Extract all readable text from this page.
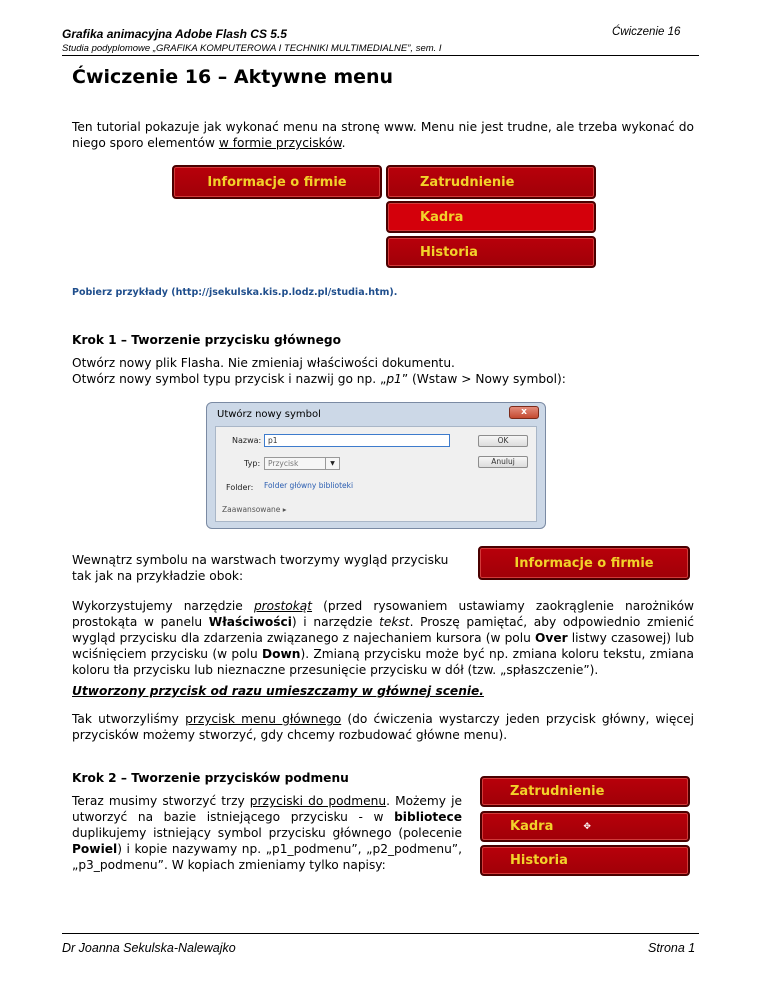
Grafika animacyjna Adobe Flash CS 5.5	Ćwiczenie 16
Studia podyplomowe „GRAFIKA KOMPUTEROWA I TECHNIKI MULTIMEDIALNE”, sem. I
Ćwiczenie 16 – Aktywne menu
Ten tutorial pokazuje jak wykonać menu na stronę www. Menu nie jest trudne, ale trzeba wykonać do niego sporo elementów w formie przycisków.
Informacje o firmie	Zatrudnienie
Kadra
Historia
Pobierz przykłady (http://jsekulska.kis.p.lodz.pl/studia.htm).
Krok 1 – Tworzenie przycisku głównego
Otwórz nowy plik Flasha. Nie zmieniaj właściwości dokumentu.
Otwórz nowy symbol typu przycisk i nazwij go np. „p1” (Wstaw > Nowy symbol):
Utwórz nowy symbol	x
Nazwa: p1	OK
Typ:	Przycisk	▼	Anuluj
Folder: Folder główny biblioteki
Zaawansowane ▸
Wewnątrz symbolu na warstwach tworzymy wygląd przycisku tak jak na przykładzie obok:
Informacje o firmie
Wykorzystujemy narzędzie prostokąt (przed rysowaniem ustawiamy zaokrąglenie narożników prostokąta w panelu Właściwości) i narzędzie tekst. Proszę pamiętać, aby odpowiednio zmienić wygląd przycisku dla zdarzenia związanego z najechaniem kursora (w polu Over listwy czasowej) lub wciśnięciem przycisku (w polu Down). Zmianą przycisku może być np. zmiana koloru tekstu, zmiana koloru tła przycisku lub nieznaczne przesunięcie przycisku w dół (tzw. „spłaszczenie”).
Utworzony przycisk od razu umieszczamy w głównej scenie.
Tak utworzyliśmy przycisk menu głównego (do ćwiczenia wystarczy jeden przycisk główny, więcej przycisków możemy stworzyć, gdy chcemy rozbudować główne menu).
Krok 2 – Tworzenie przycisków podmenu
Teraz musimy stworzyć trzy przyciski do podmenu. Możemy je utworzyć na bazie istniejącego przycisku - w bibliotece duplikujemy istniejący symbol przycisku głównego (polecenie Powiel) i kopie nazywamy np. „p1_podmenu”, „p2_podmenu”, „p3_podmenu”. W kopiach zmieniamy tylko napisy:
Zatrudnienie
Kadra	✥
Historia
Dr Joanna Sekulska-Nalewajko	Strona 1
